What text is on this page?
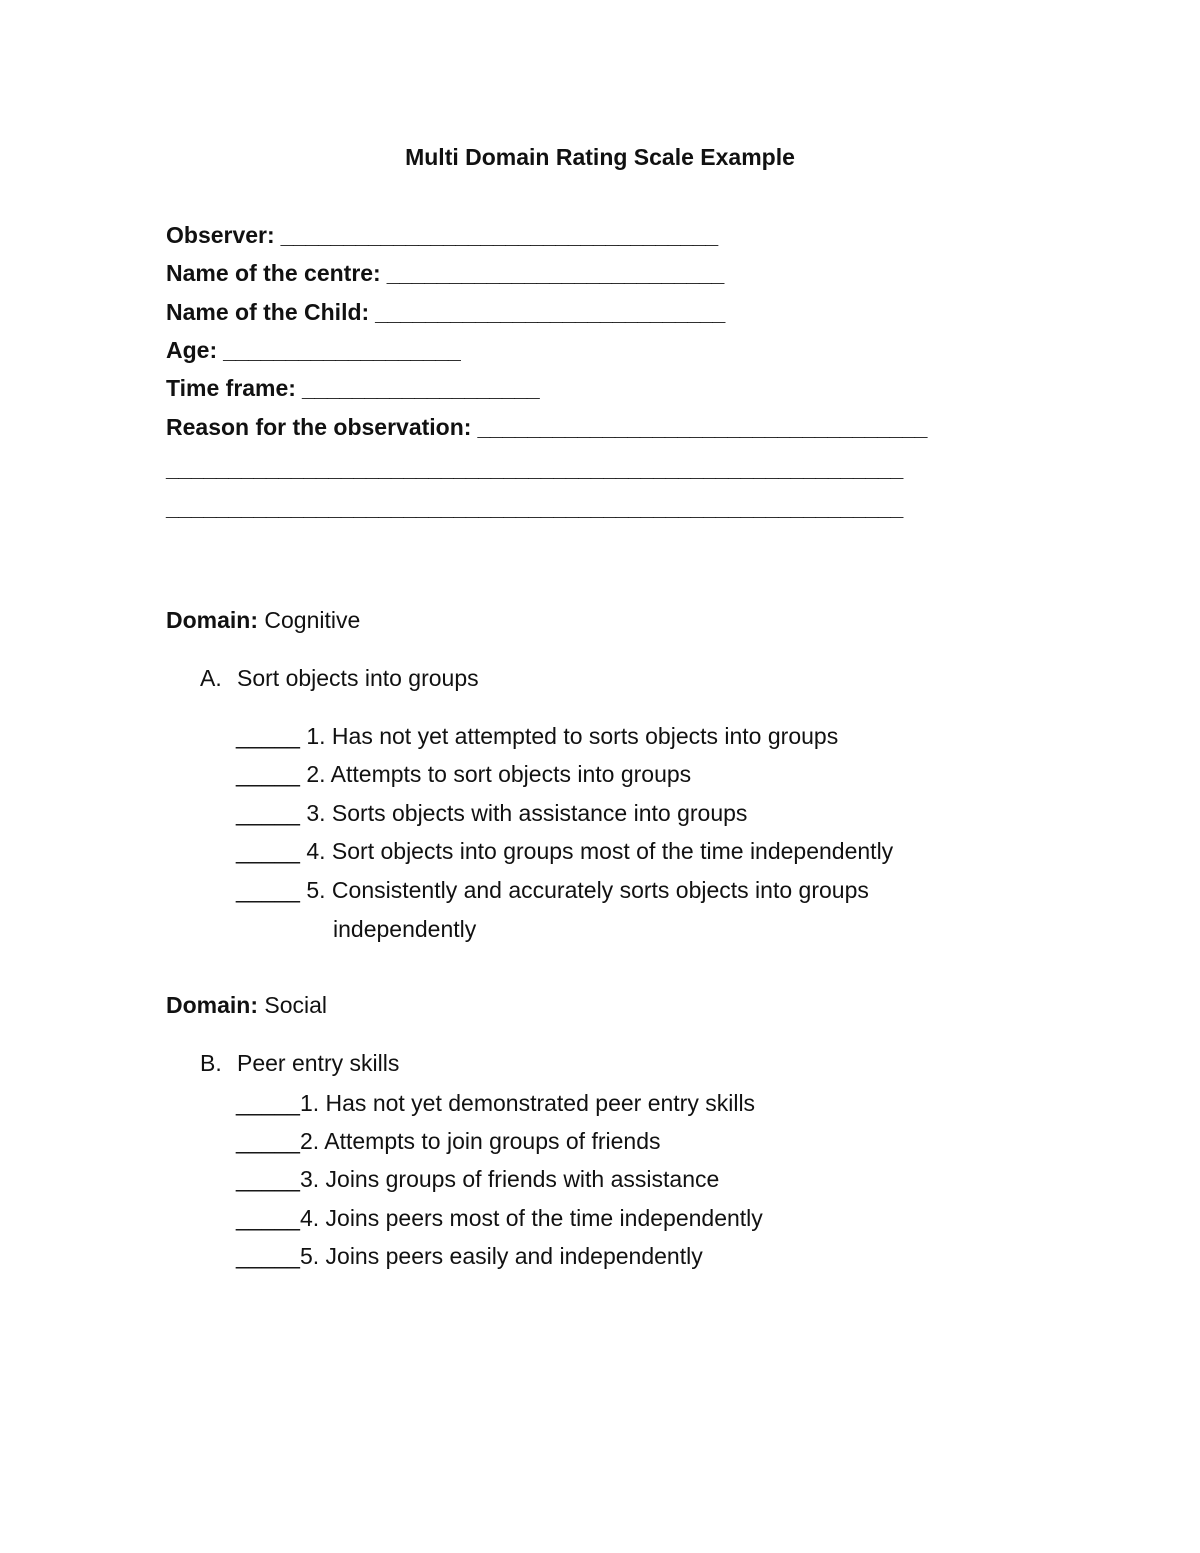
Multi Domain Rating Scale Example
Observer: ___________________________________
Name of the centre: ___________________________
Name of the Child: ____________________________
Age: ___________________
Time frame: ___________________
Reason for the observation: ____________________________________
___________________________________________________________
___________________________________________________________
Domain: Cognitive
A. Sort objects into groups
_____ 1. Has not yet attempted to sorts objects into groups
_____ 2. Attempts to sort objects into groups
_____ 3. Sorts objects with assistance into groups
_____ 4. Sort objects into groups most of the time independently
_____ 5. Consistently and accurately sorts objects into groups
independently
Domain: Social
B. Peer entry skills
_____1. Has not yet demonstrated peer entry skills
_____2. Attempts to join groups of friends
_____3. Joins groups of friends with assistance
_____4. Joins peers most of the time independently
_____5. Joins peers easily and independently
